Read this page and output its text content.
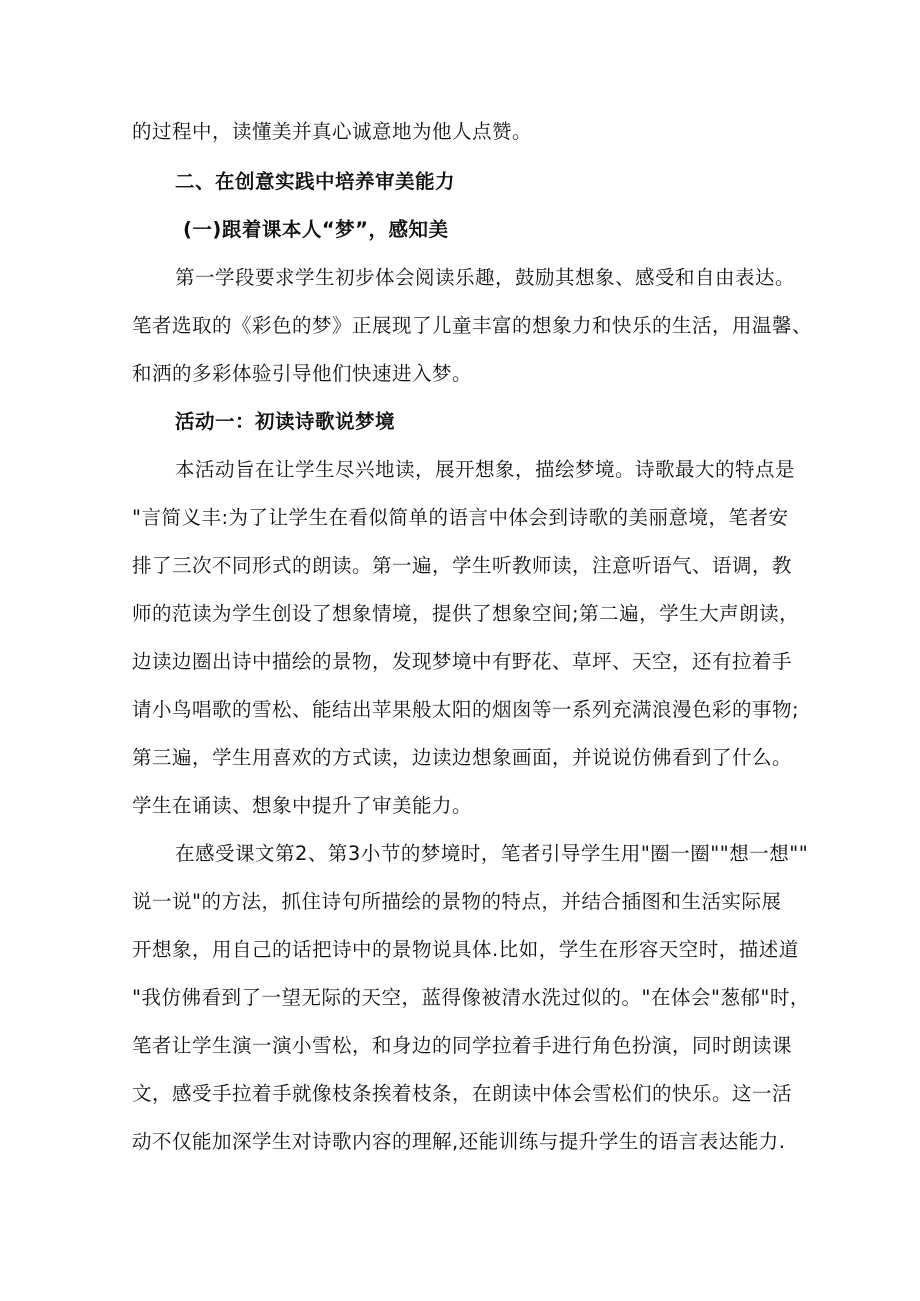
的过程中，读懂美并真心诚意地为他人点赞。
二、在创意实践中培养审美能力
(一)跟着课本人“梦”，感知美
第一学段要求学生初步体会阅读乐趣，鼓励其想象、感受和自由表达。
笔者选取的《彩色的梦》正展现了儿童丰富的想象力和快乐的生活，用温馨、
和洒的多彩体验引导他们快速进入梦。
活动一：初读诗歌说梦境
本活动旨在让学生尽兴地读，展开想象，描绘梦境。诗歌最大的特点是
"言简义丰:为了让学生在看似简单的语言中体会到诗歌的美丽意境，笔者安
排了三次不同形式的朗读。第一遍，学生听教师读，注意听语气、语调，教
师的范读为学生创设了想象情境，提供了想象空间;第二遍，学生大声朗读，
边读边圈出诗中描绘的景物，发现梦境中有野花、草坪、天空，还有拉着手
请小鸟唱歌的雪松、能结出苹果般太阳的烟囱等一系列充满浪漫色彩的事物;
第三遍，学生用喜欢的方式读，边读边想象画面，并说说仿佛看到了什么。
学生在诵读、想象中提升了审美能力。
在感受课文第2、第3小节的梦境时，笔者引导学生用"圈一圈""想一想""
说一说"的方法，抓住诗句所描绘的景物的特点，并结合插图和生活实际展
开想象，用自己的话把诗中的景物说具体.比如，学生在形容天空时，描述道
"我仿佛看到了一望无际的天空，蓝得像被清水洗过似的。"在体会"葱郁"时，
笔者让学生演一演小雪松，和身边的同学拉着手进行角色扮演，同时朗读课
文，感受手拉着手就像枝条挨着枝条，在朗读中体会雪松们的快乐。这一活
动不仅能加深学生对诗歌内容的理解,还能训练与提升学生的语言表达能力.
